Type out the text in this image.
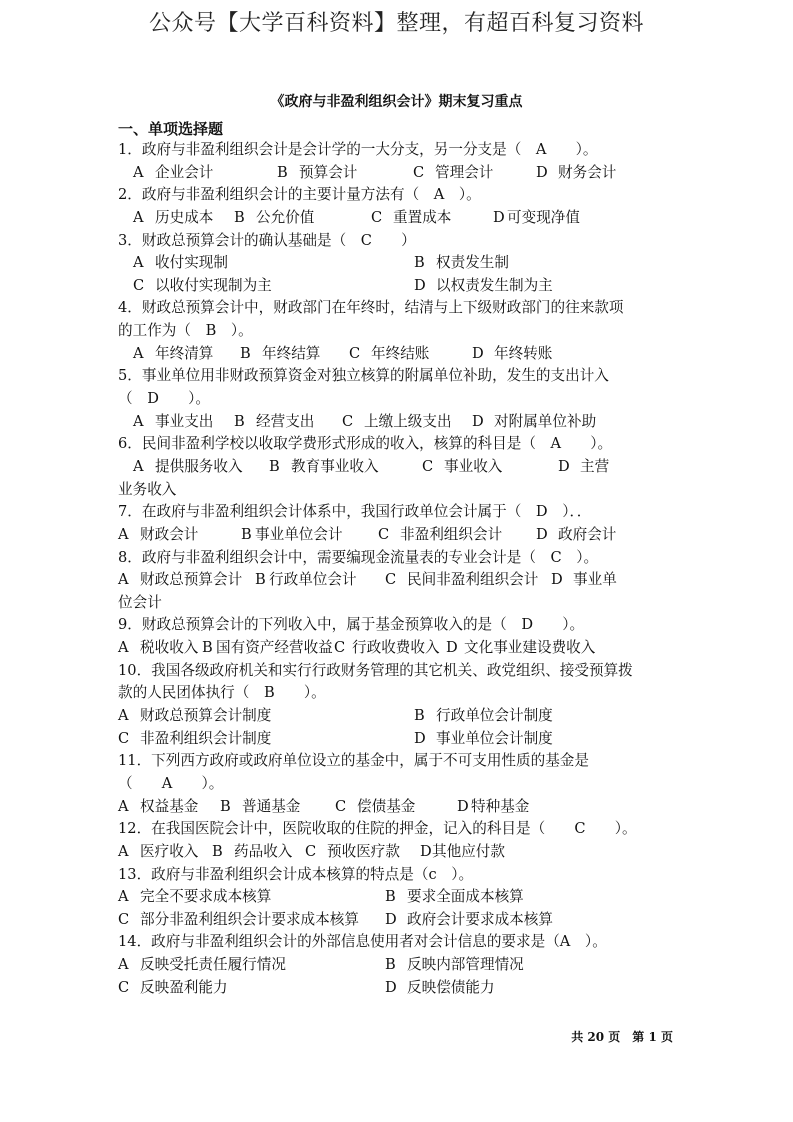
公众号【大学百科资料】整理，有超百科复习资料
《政府与非盈利组织会计》期末复习重点
一、单项选择题
1．政府与非盈利组织会计是会计学的一大分支，另一分支是（　A　　）。
A 企业会计	B 预算会计	C 管理会计	D 财务会计
2．政府与非盈利组织会计的主要计量方法有（　A　）。
A 历史成本 B 公允价值	C 重置成本	D 可变现净值
3．财政总预算会计的确认基础是（　C　　）
A 收付实现制	B 权责发生制
C 以收付实现制为主	D 以权责发生制为主
4．财政总预算会计中，财政部门在年终时，结清与上下级财政部门的往来款项
的工作为（　B　）。
A 年终清算 B 年终结算 C 年终结账	D 年终转账
5．事业单位用非财政预算资金对独立核算的附属单位补助，发生的支出计入
（　D　　）。
A 事业支出 B 经营支出 C 上缴上级支出 D 对附属单位补助
6．民间非盈利学校以收取学费形式形成的收入，核算的科目是（　A　　）。
A 提供服务收入 B 教育事业收入	C 事业收入	D 主营
业务收入
7．在政府与非盈利组织会计体系中，我国行政单位会计属于（　D　）．．
A 财政会计	B 事业单位会计 C 非盈利组织会计 D 政府会计
8．政府与非盈利组织会计中，需要编现金流量表的专业会计是（　C　）。
A 财政总预算会计 B 行政单位会计 C 民间非盈利组织会计 D 事业单
位会计
9．财政总预算会计的下列收入中，属于基金预算收入的是（　D　　）。
A 税收收入 B 国有资产经营收益 C 行政收费收入 D 文化事业建设费收入
10．我国各级政府机关和实行行政财务管理的其它机关、政党组织、接受预算拨
款的人民团体执行（　B　　）。
A 财政总预算会计制度	B 行政单位会计制度
C 非盈利组织会计制度	D 事业单位会计制度
11．下列西方政府或政府单位设立的基金中，属于不可支用性质的基金是
（　　A　　）。
A 权益基金 B 普通基金 C 偿债基金	D 特种基金
12．在我国医院会计中，医院收取的住院的押金，记入的科目是（　　C　　）。
A 医疗收入 B 药品收入 C 预收医疗款 D其他应付款
13．政府与非盈利组织会计成本核算的特点是（c　）。
A 完全不要求成本核算	B 要求全面成本核算
C 部分非盈利组织会计要求成本核算 D 政府会计要求成本核算
14．政府与非盈利组织会计的外部信息使用者对会计信息的要求是（A　）。
A 反映受托责任履行情况	B 反映内部管理情况
C 反映盈利能力	D 反映偿债能力
共 20 页　第 1 页
